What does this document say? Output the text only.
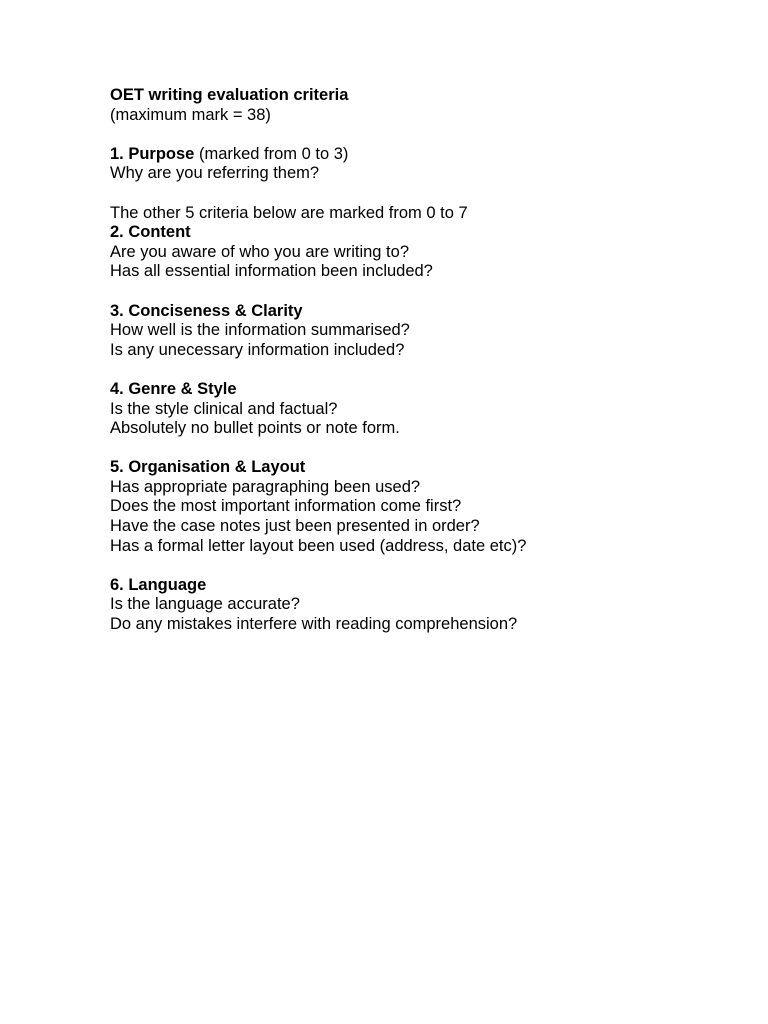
OET writing evaluation criteria
(maximum mark = 38)
1. Purpose (marked from 0 to 3)
Why are you referring them?
The other 5 criteria below are marked from 0 to 7
2. Content
Are you aware of who you are writing to?
Has all essential information been included?
3. Conciseness & Clarity
How well is the information summarised?
Is any unecessary information included?
4. Genre & Style
Is the style clinical and factual?
Absolutely no bullet points or note form.
5. Organisation & Layout
Has appropriate paragraphing been used?
Does the most important information come first?
Have the case notes just been presented in order?
Has a formal letter layout been used (address, date etc)?
6. Language
Is the language accurate?
Do any mistakes interfere with reading comprehension?
